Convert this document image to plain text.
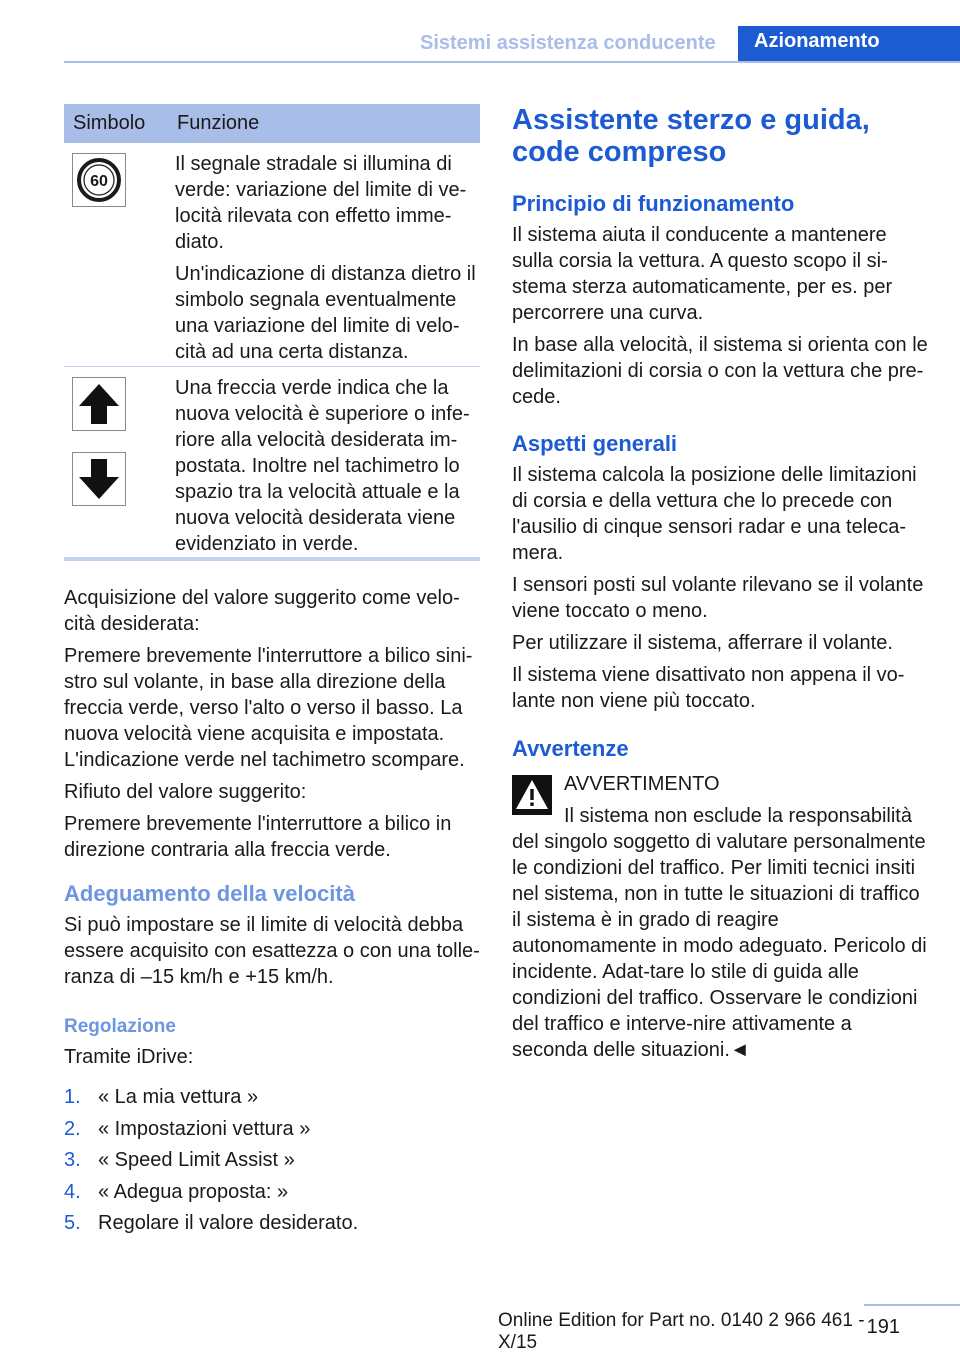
Sistemi assistenza conducente	Azionamento
Simbolo	Funzione
60

Il segnale stradale si illumina di verde: variazione del limite di ve-locità rilevata con effetto imme-diato.

Un'indicazione di distanza dietro il simbolo segnala eventualmente una variazione del limite di velo-cità ad una certa distanza.

Una freccia verde indica che la nuova velocità è superiore o infe-riore alla velocità desiderata im-postata. Inoltre nel tachimetro lo spazio tra la velocità attuale e la nuova velocità desiderata viene evidenziato in verde.

Acquisizione del valore suggerito come velo-cità desiderata:

Premere brevemente l'interruttore a bilico sini-stro sul volante, in base alla direzione della freccia verde, verso l'alto o verso il basso. La nuova velocità viene acquisita e impostata. L'indicazione verde nel tachimetro scompare.

Rifiuto del valore suggerito:

Premere brevemente l'interruttore a bilico in direzione contraria alla freccia verde.

Adeguamento della velocità
Si può impostare se il limite di velocità debba essere acquisito con esattezza o con una tolle-ranza di –15 km/h e +15 km/h.
Regolazione
Tramite iDrive:
1. « La mia vettura »
2. « Impostazioni vettura »
3. « Speed Limit Assist »
4. « Adegua proposta: »
5. Regolare il valore desiderato.
Assistente sterzo e guida, code compreso
Principio di funzionamento

Il sistema aiuta il conducente a mantenere sulla corsia la vettura. A questo scopo il si-stema sterza automaticamente, per es. per percorrere una curva.

In base alla velocità, il sistema si orienta con le delimitazioni di corsia o con la vettura che pre-cede.

Aspetti generali

Il sistema calcola la posizione delle limitazioni di corsia e della vettura che lo precede con l'ausilio di cinque sensori radar e una teleca-mera.

I sensori posti sul volante rilevano se il volante viene toccato o meno.

Per utilizzare il sistema, afferrare il volante.

Il sistema viene disattivato non appena il vo-lante non viene più toccato.

Avvertenze
AVVERTIMENTO
Il sistema non esclude la responsabilità
del singolo soggetto di valutare personalmente le condizioni del traffico. Per limiti tecnici insiti nel sistema, non in tutte le situazioni di traffico il sistema è in grado di reagire autonomamente in modo adeguato. Pericolo di incidente. Adat-tare lo stile di guida alle condizioni del traffico. Osservare le condizioni del traffico e interve-nire attivamente a seconda delle situazioni.◄
Online Edition for Part no. 0140 2 966 461 - X/15
191
